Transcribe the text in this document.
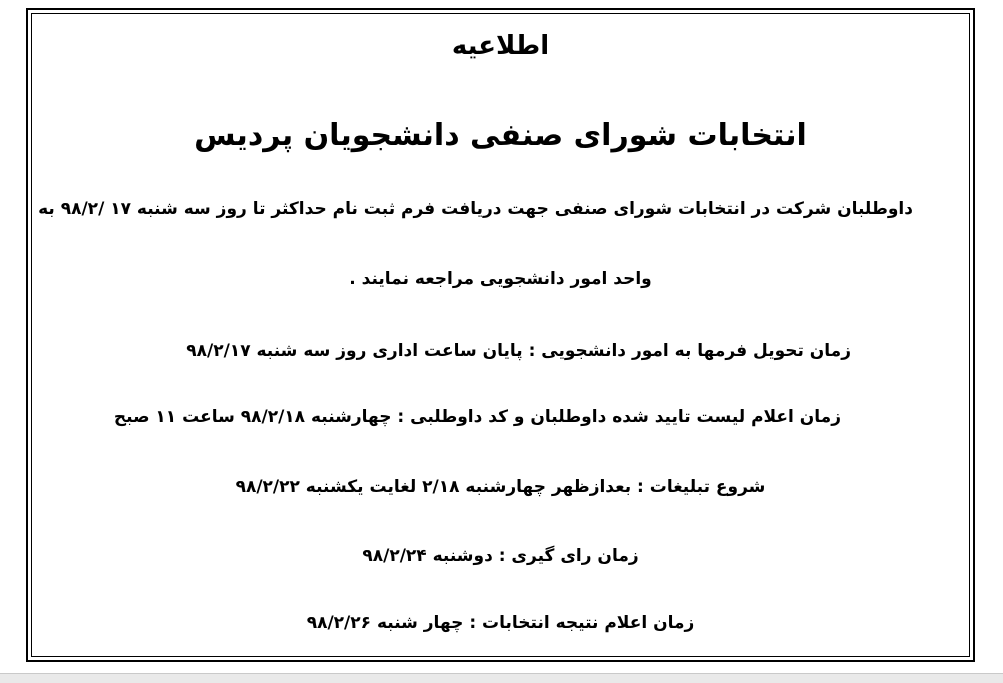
اطلاعیه
انتخابات شورای صنفی دانشجویان پردیس
داوطلبان شرکت در انتخابات شورای صنفی جهت دریافت فرم ثبت نام حداکثر تا روز سه شنبه ۱۷ /۹۸/۲ به
واحد امور دانشجویی مراجعه نمایند .
زمان تحویل فرمها به امور دانشجویی : پایان ساعت اداری روز سه شنبه ۹۸/۲/۱۷
زمان اعلام لیست تایید شده داوطلبان و کد داوطلبی : چهارشنبه ۹۸/۲/۱۸ ساعت ۱۱ صبح
شروع تبلیغات : بعدازظهر چهارشنبه ۲/۱۸ لغایت یکشنبه ۹۸/۲/۲۲
زمان رای گیری : دوشنبه ۹۸/۲/۲۴
زمان اعلام نتیجه انتخابات : چهار شنبه ۹۸/۲/۲۶
